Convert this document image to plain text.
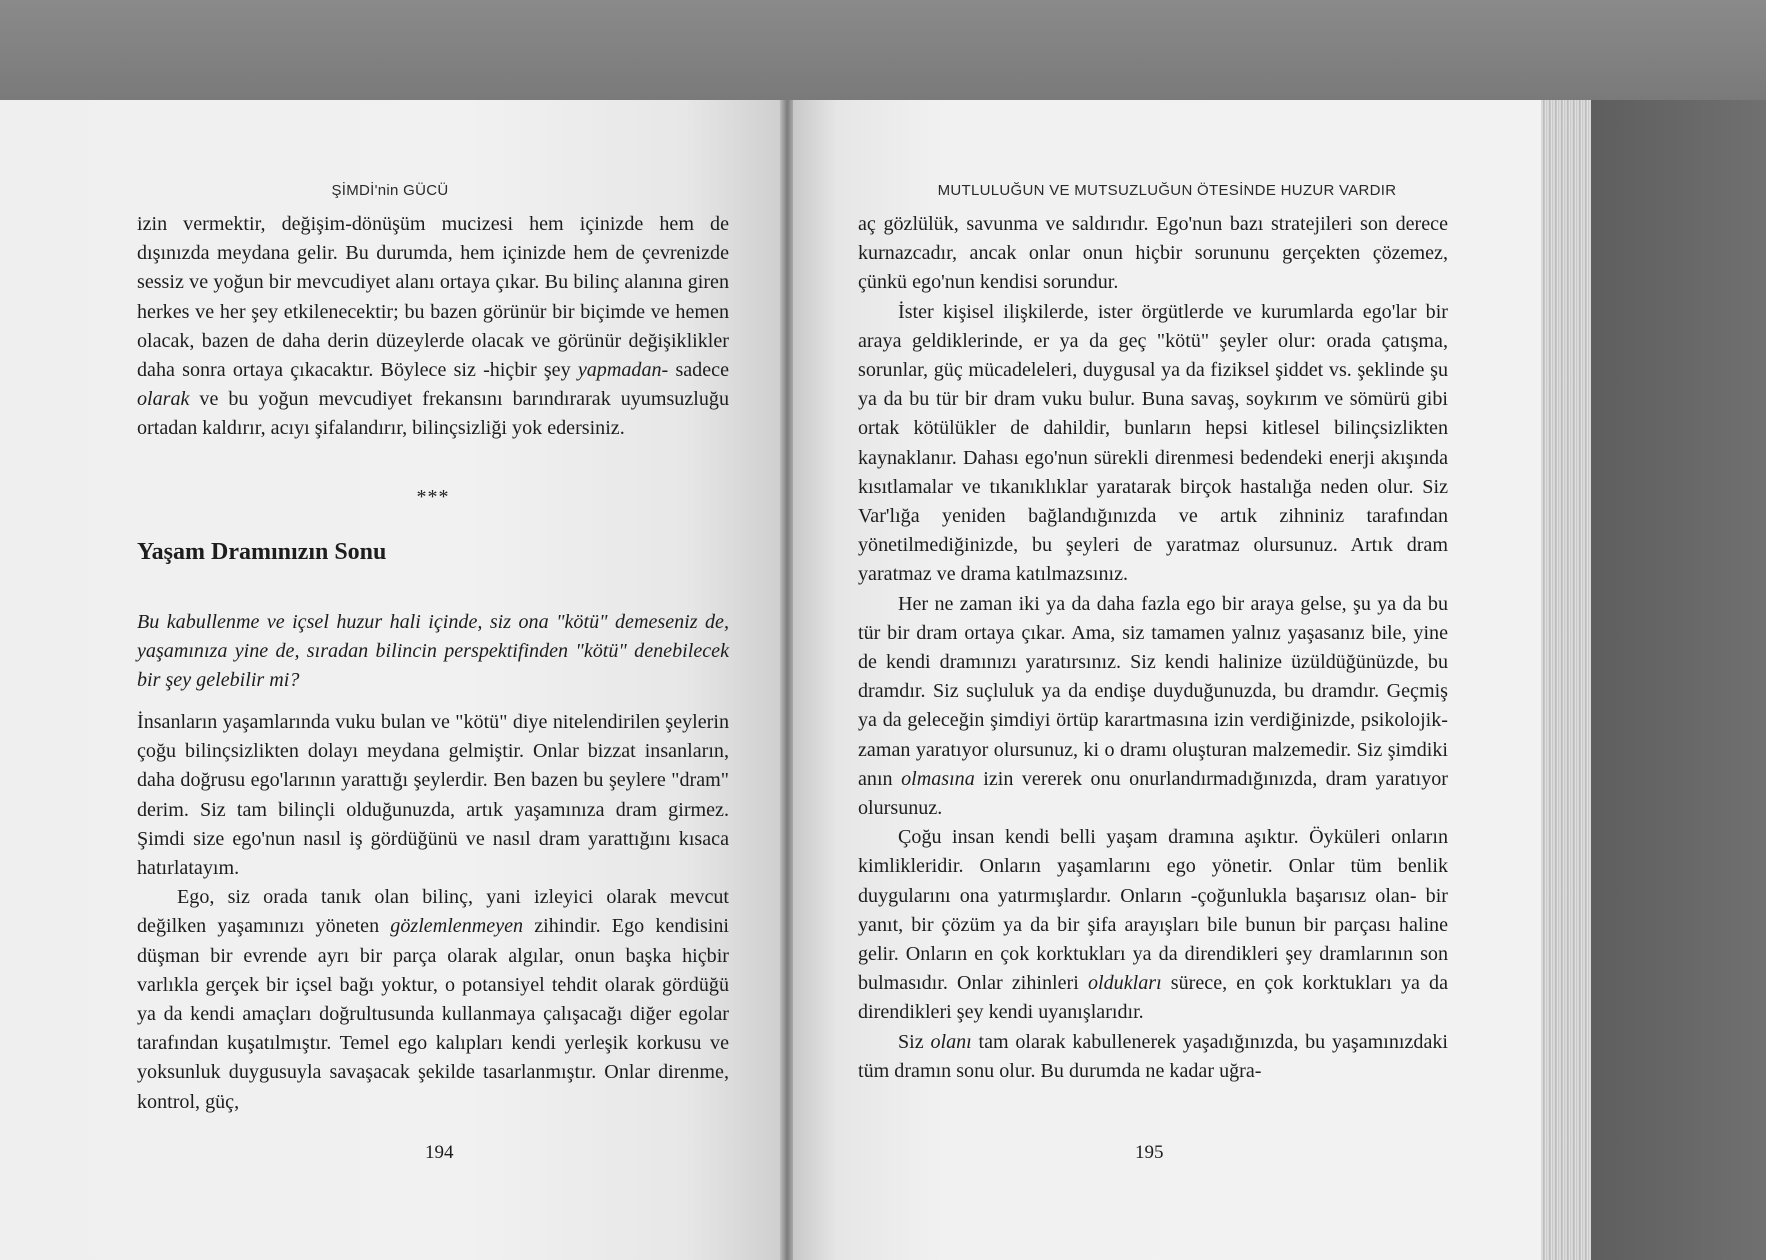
ŞİMDİ'nin GÜCÜ

izin vermektir, değişim-dönüşüm mucizesi hem içinizde hem de dışınızda meydana gelir. Bu durumda, hem içinizde hem de çevrenizde sessiz ve yoğun bir mevcudiyet alanı ortaya çıkar. Bu bilinç alanına giren herkes ve her şey etkilenecektir; bu bazen görünür bir biçimde ve hemen olacak, bazen de daha derin düzeylerde olacak ve görünür değişiklikler daha sonra ortaya çıkacaktır. Böylece siz -hiçbir şey yapmadan- sadece olarak ve bu yoğun mevcudiyet frekansını barındırarak uyumsuzluğu ortadan kaldırır, acıyı şifalandırır, bilinçsizliği yok edersiniz.

***
Yaşam Dramınızın Sonu
Bu kabullenme ve içsel huzur hali içinde, siz ona "kötü" demeseniz de, yaşamınıza yine de, sıradan bilincin perspektifinden "kötü" denebilecek bir şey gelebilir mi?

İnsanların yaşamlarında vuku bulan ve "kötü" diye nitelendirilen şeylerin çoğu bilinçsizlikten dolayı meydana gelmiştir. Onlar bizzat insanların, daha doğrusu ego'larının yarattığı şeylerdir. Ben bazen bu şeylere "dram" derim. Siz tam bilinçli olduğunuzda, artık yaşamınıza dram girmez. Şimdi size ego'nun nasıl iş gördüğünü ve nasıl dram yarattığını kısaca hatırlatayım.

Ego, siz orada tanık olan bilinç, yani izleyici olarak mevcut değilken yaşamınızı yöneten gözlemlenmeyen zihindir. Ego kendisini düşman bir evrende ayrı bir parça olarak algılar, onun başka hiçbir varlıkla gerçek bir içsel bağı yoktur, o potansiyel tehdit olarak gördüğü ya da kendi amaçları doğrultusunda kullanmaya çalışacağı diğer egolar tarafından kuşatılmıştır. Temel ego kalıpları kendi yerleşik korkusu ve yoksunluk duygusuyla savaşacak şekilde tasarlanmıştır. Onlar direnme, kontrol, güç,

194
MUTLULUĞUN VE MUTSUZLUĞUN ÖTESİNDE HUZUR VARDIR

aç gözlülük, savunma ve saldırıdır. Ego'nun bazı stratejileri son derece kurnazcadır, ancak onlar onun hiçbir sorununu gerçekten çözemez, çünkü ego'nun kendisi sorundur.

İster kişisel ilişkilerde, ister örgütlerde ve kurumlarda ego'lar bir araya geldiklerinde, er ya da geç "kötü" şeyler olur: orada çatışma, sorunlar, güç mücadeleleri, duygusal ya da fiziksel şiddet vs. şeklinde şu ya da bu tür bir dram vuku bulur. Buna savaş, soykırım ve sömürü gibi ortak kötülükler de dahildir, bunların hepsi kitlesel bilinçsizlikten kaynaklanır. Dahası ego'nun sürekli direnmesi bedendeki enerji akışında kısıtlamalar ve tıkanıklıklar yaratarak birçok hastalığa neden olur. Siz Var'lığa yeniden bağlandığınızda ve artık zihniniz tarafından yönetilmediğinizde, bu şeyleri de yaratmaz olursunuz. Artık dram yaratmaz ve drama katılmazsınız.

Her ne zaman iki ya da daha fazla ego bir araya gelse, şu ya da bu tür bir dram ortaya çıkar. Ama, siz tamamen yalnız yaşasanız bile, yine de kendi dramınızı yaratırsınız. Siz kendi halinize üzüldüğünüzde, bu dramdır. Siz suçluluk ya da endişe duyduğunuzda, bu dramdır. Geçmiş ya da geleceğin şimdiyi örtüp karartmasına izin verdiğinizde, psikolojik-zaman yaratıyor olursunuz, ki o dramı oluşturan malzemedir. Siz şimdiki anın olmasına izin vererek onu onurlandırmadığınızda, dram yaratıyor olursunuz.

Çoğu insan kendi belli yaşam dramına aşıktır. Öyküleri onların kimlikleridir. Onların yaşamlarını ego yönetir. Onlar tüm benlik duygularını ona yatırmışlardır. Onların -çoğunlukla başarısız olan- bir yanıt, bir çözüm ya da bir şifa arayışları bile bunun bir parçası haline gelir. Onların en çok korktukları ya da direndikleri şey dramlarının son bulmasıdır. Onlar zihinleri oldukları sürece, en çok korktukları ya da direndikleri şey kendi uyanışlarıdır.

Siz olanı tam olarak kabullenerek yaşadığınızda, bu yaşamınızdaki tüm dramın sonu olur. Bu durumda ne kadar uğra-

195
